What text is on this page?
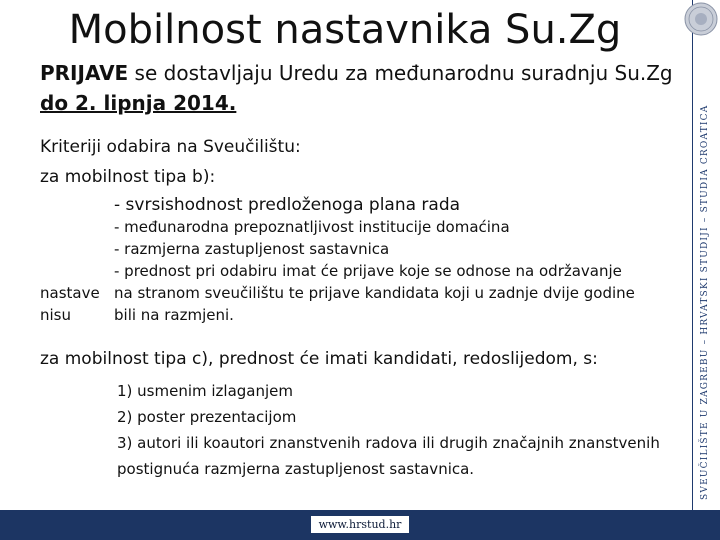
Mobilnost nastavnika Su.Zg
PRIJAVE se dostavljaju Uredu za međunarodnu suradnju Su.Zg do 2. lipnja 2014.
Kriteriji odabira na Sveučilištu:
za mobilnost tipa b):
- svrsishodnost predloženoga plana rada
- međunarodna prepoznatljivost institucije domaćina
- razmjerna zastupljenost sastavnica
- prednost pri odabiru imat će prijave koje se odnose na održavanje
nastave na stranom sveučilištu te prijave kandidata koji u zadnje dvije godine
nisu	bili na razmjeni.
za mobilnost tipa c), prednost će imati kandidati, redoslijedom, s:
1) usmenim izlaganjem
2) poster prezentacijom
3) autori ili koautori znanstvenih radova ili drugih značajnih znanstvenih postignuća razmjerna zastupljenost sastavnica.	SVEUČILIŠTE U ZAGREBU – HRVATSKI STUDIJI – STUDIA CROATICA
www.hrstud.hr
